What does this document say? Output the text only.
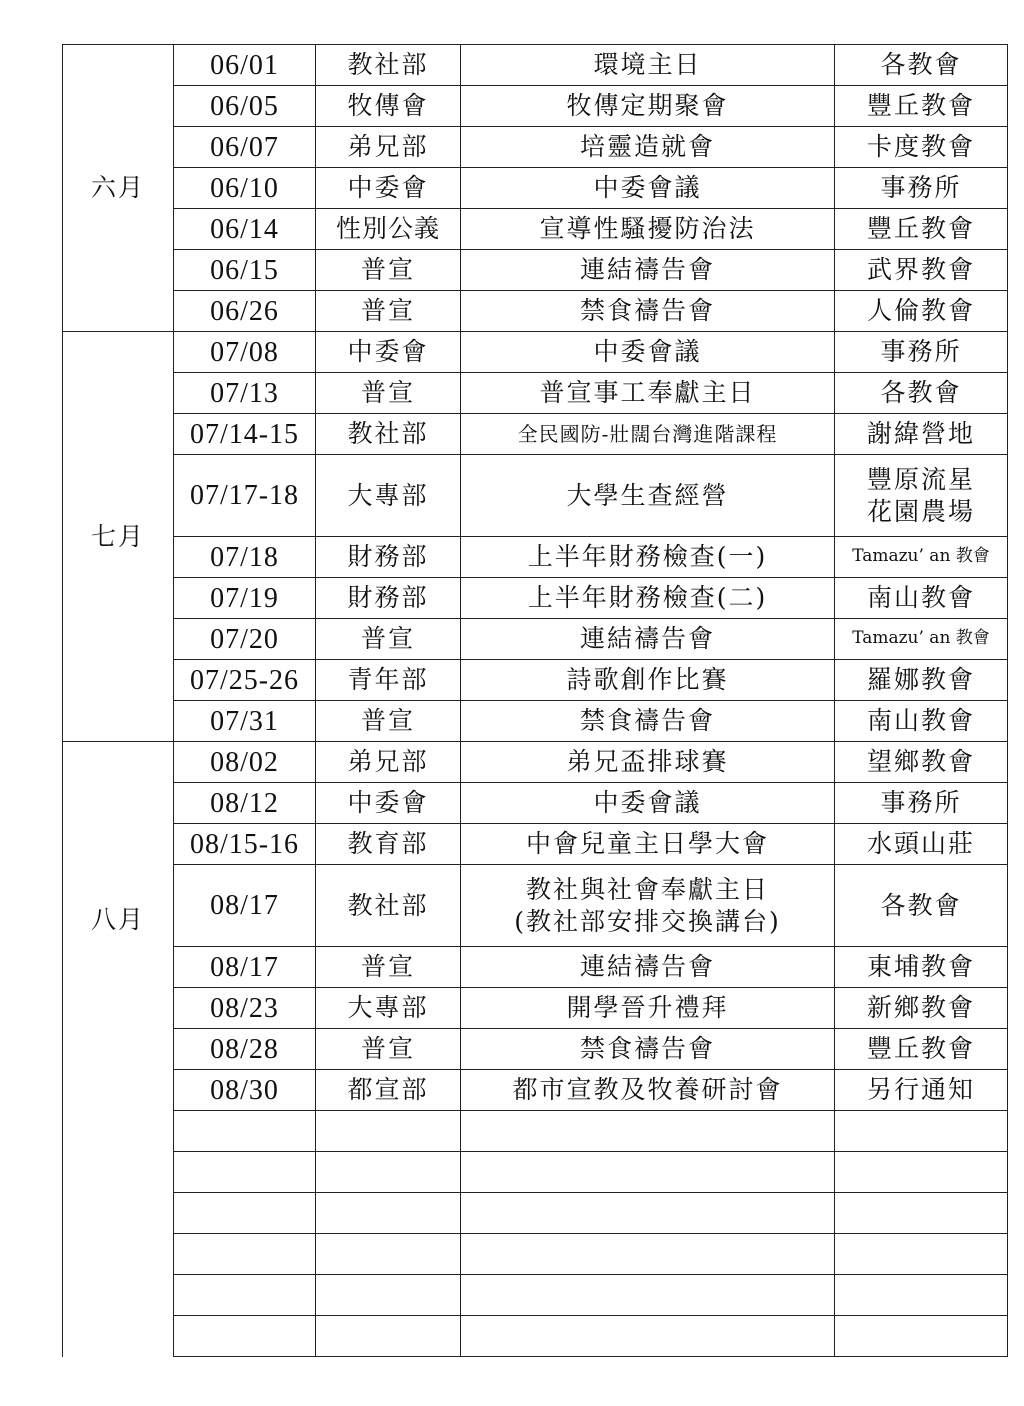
六月	06/01	教社部	環境主日	各教會
	06/05	牧傳會	牧傳定期聚會	豐丘教會
	06/07	弟兄部	培靈造就會	卡度教會
	06/10	中委會	中委會議	事務所
	06/14	性別公義	宣導性騷擾防治法	豐丘教會
	06/15	普宣	連結禱告會	武界教會
	06/26	普宣	禁食禱告會	人倫教會
七月	07/08	中委會	中委會議	事務所
	07/13	普宣	普宣事工奉獻主日	各教會
	07/14-15	教社部	全民國防-壯闊台灣進階課程	謝緯營地
	07/17-18	大專部	大學生查經營	豐原流星
花園農場

	07/18	財務部	上半年財務檢查(一)	Tamazu’ an 教會
	07/19	財務部	上半年財務檢查(二)	南山教會
	07/20	普宣	連結禱告會	Tamazu’ an 教會
	07/25-26	青年部	詩歌創作比賽	羅娜教會
	07/31	普宣	禁食禱告會	南山教會
八月	08/02	弟兄部	弟兄盃排球賽	望鄉教會
	08/12	中委會	中委會議	事務所
	08/15-16	教育部	中會兒童主日學大會	水頭山莊
	08/17	教社部	教社與社會奉獻主日
(教社部安排交換講台)	各教會
	08/17	普宣	連結禱告會	東埔教會
	08/23	大專部	開學晉升禮拜	新鄉教會
	08/28	普宣	禁食禱告會	豐丘教會
	08/30	都宣部	都市宣教及牧養研討會	另行通知
